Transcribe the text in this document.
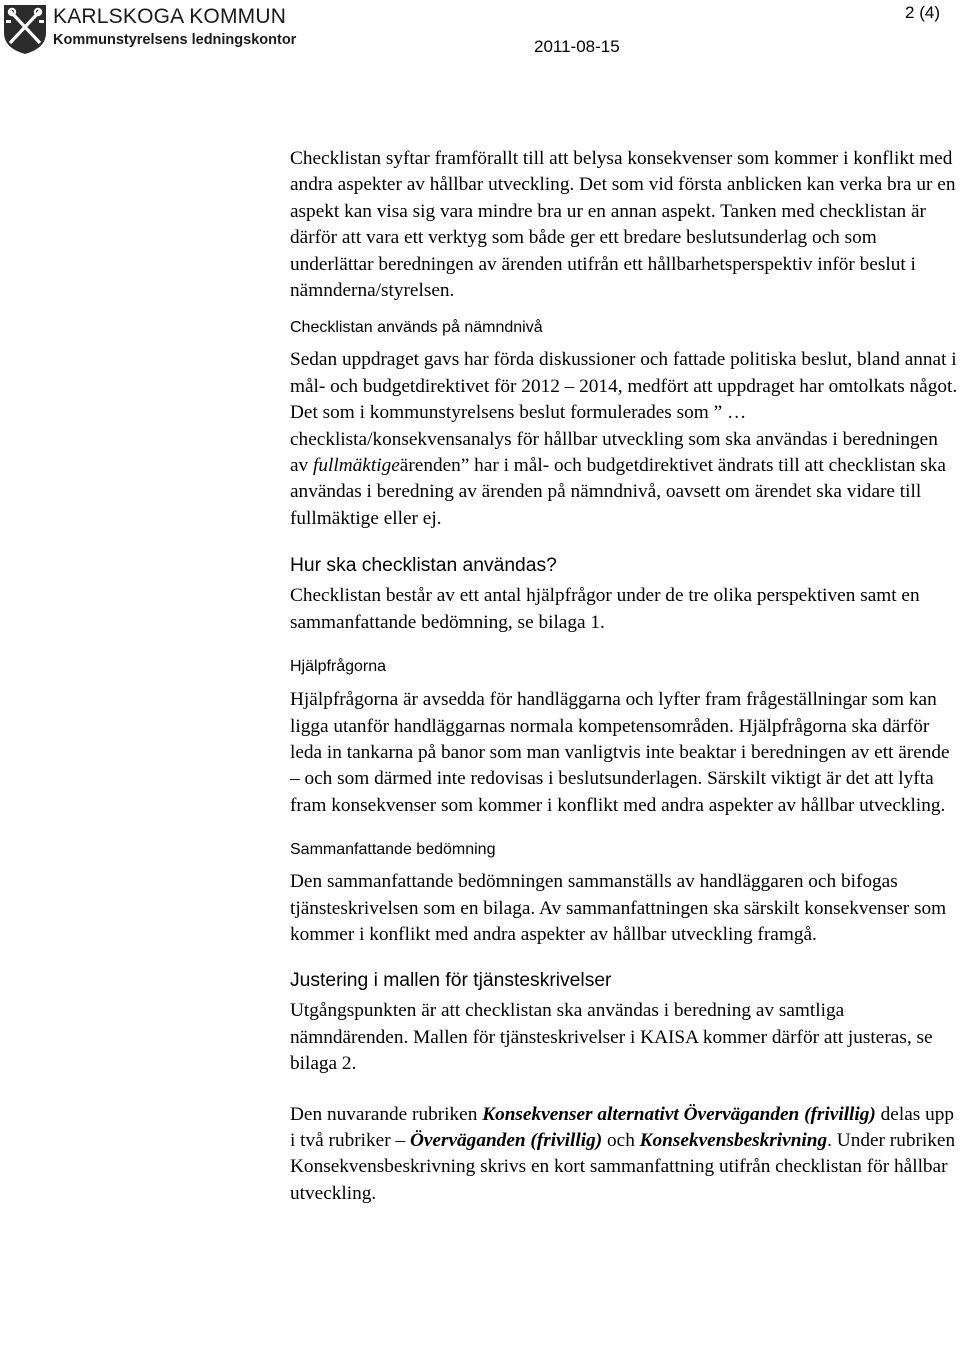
KARLSKOGA KOMMUN
Kommunstyrelsens ledningskontor
2 (4)
2011-08-15

Checklistan syftar framförallt till att belysa konsekvenser som kommer i konflikt med andra aspekter av hållbar utveckling. Det som vid första anblicken kan verka bra ur en aspekt kan visa sig vara mindre bra ur en annan aspekt. Tanken med checklistan är därför att vara ett verktyg som både ger ett bredare beslutsunderlag och som underlättar beredningen av ärenden utifrån ett hållbarhetsperspektiv inför beslut i nämnderna/styrelsen.

Checklistan används på nämndnivå

Sedan uppdraget gavs har förda diskussioner och fattade politiska beslut, bland annat i mål- och budgetdirektivet för 2012 – 2014, medfört att uppdraget har omtolkats något. Det som i kommunstyrelsens beslut formulerades som ” … checklista/konsekvensanalys för hållbar utveckling som ska användas i beredningen av fullmäktigeärenden” har i mål- och budgetdirektivet ändrats till att checklistan ska användas i beredning av ärenden på nämndnivå, oavsett om ärendet ska vidare till fullmäktige eller ej.

Hur ska checklistan användas?

Checklistan består av ett antal hjälpfrågor under de tre olika perspektiven samt en sammanfattande bedömning, se bilaga 1.

Hjälpfrågorna

Hjälpfrågorna är avsedda för handläggarna och lyfter fram frågeställningar som kan ligga utanför handläggarnas normala kompetensområden. Hjälpfrågorna ska därför leda in tankarna på banor som man vanligtvis inte beaktar i beredningen av ett ärende – och som därmed inte redovisas i beslutsunderlagen. Särskilt viktigt är det att lyfta fram konsekvenser som kommer i konflikt med andra aspekter av hållbar utveckling.

Sammanfattande bedömning

Den sammanfattande bedömningen sammanställs av handläggaren och bifogas tjänsteskrivelsen som en bilaga. Av sammanfattningen ska särskilt konsekvenser som kommer i konflikt med andra aspekter av hållbar utveckling framgå.

Justering i mallen för tjänsteskrivelser

Utgångspunkten är att checklistan ska användas i beredning av samtliga nämndärenden. Mallen för tjänsteskrivelser i KAISA kommer därför att justeras, se bilaga 2.

Den nuvarande rubriken Konsekvenser alternativt Överväganden (frivillig) delas upp i två rubriker – Överväganden (frivillig) och Konsekvensbeskrivning. Under rubriken Konsekvensbeskrivning skrivs en kort sammanfattning utifrån checklistan för hållbar utveckling.
